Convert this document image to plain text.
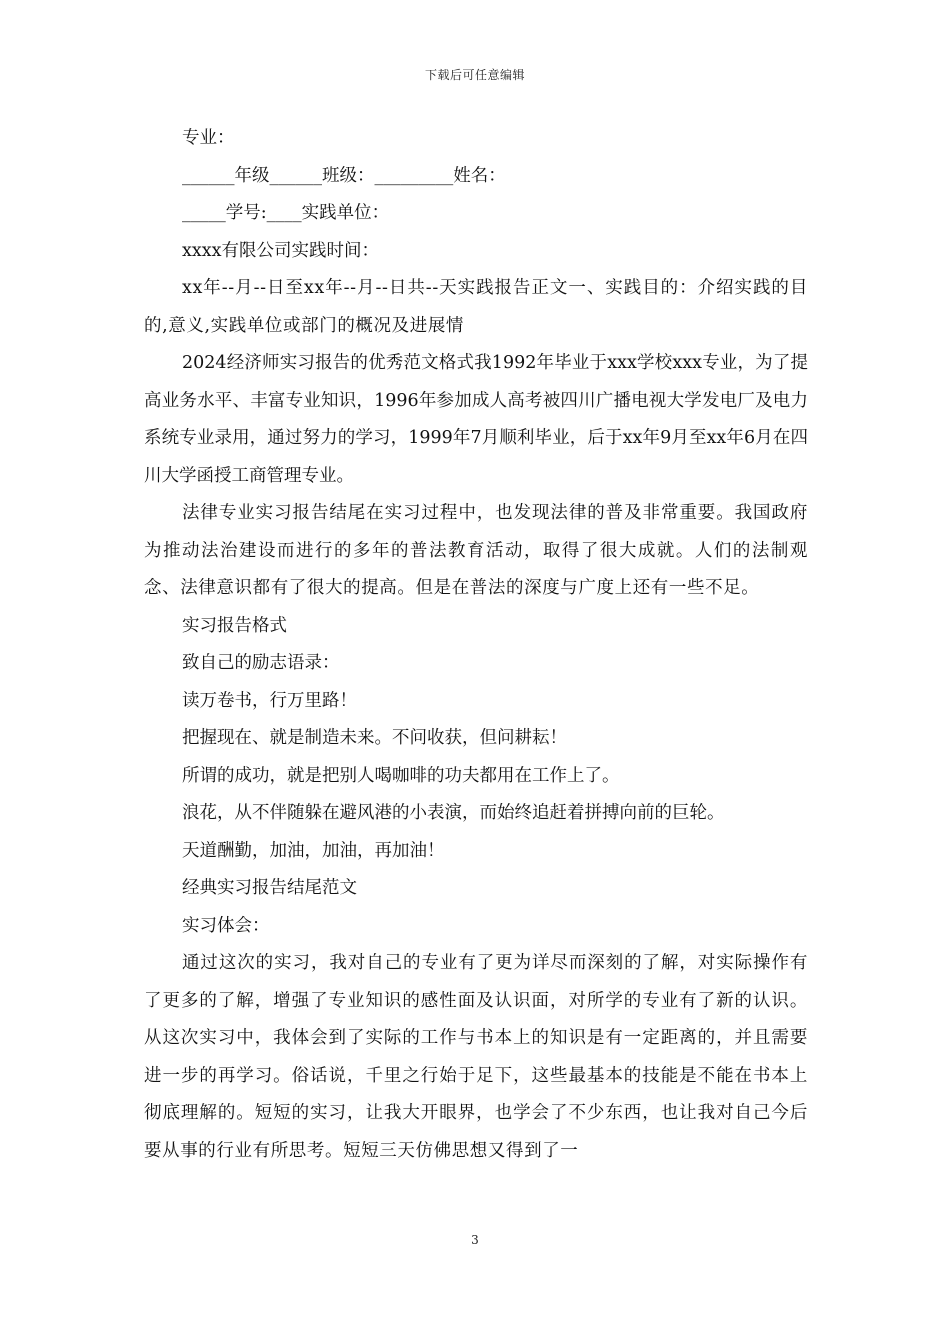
下载后可任意编辑

专业：

______年级______班级：_________姓名：

_____学号:____实践单位：

xxxx有限公司实践时间：

xx年--月--日至xx年--月--日共--天实践报告正文一、实践目的：介绍实践的目的,意义,实践单位或部门的概况及进展情

2024经济师实习报告的优秀范文格式我1992年毕业于xxx学校xxx专业，为了提高业务水平、丰富专业知识，1996年参加成人高考被四川广播电视大学发电厂及电力系统专业录用，通过努力的学习，1999年7月顺利毕业，后于xx年9月至xx年6月在四川大学函授工商管理专业。

法律专业实习报告结尾在实习过程中，也发现法律的普及非常重要。我国政府为推动法治建设而进行的多年的普法教育活动，取得了很大成就。人们的法制观念、法律意识都有了很大的提高。但是在普法的深度与广度上还有一些不足。

实习报告格式

致自己的励志语录：

读万卷书，行万里路！

把握现在、就是制造未来。不问收获，但问耕耘！

所谓的成功，就是把别人喝咖啡的功夫都用在工作上了。

浪花，从不伴随躲在避风港的小表演，而始终追赶着拼搏向前的巨轮。

天道酬勤，加油，加油，再加油！

经典实习报告结尾范文

实习体会：

通过这次的实习，我对自己的专业有了更为详尽而深刻的了解，对实际操作有了更多的了解，增强了专业知识的感性面及认识面，对所学的专业有了新的认识。从这次实习中，我体会到了实际的工作与书本上的知识是有一定距离的，并且需要进一步的再学习。俗话说，千里之行始于足下，这些最基本的技能是不能在书本上彻底理解的。短短的实习，让我大开眼界，也学会了不少东西，也让我对自己今后要从事的行业有所思考。短短三天仿佛思想又得到了一

3
